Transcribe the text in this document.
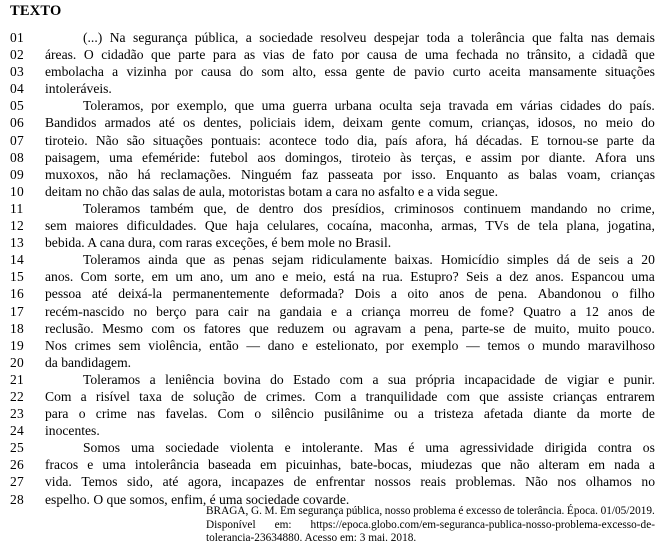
TEXTO
01	(...) Na segurança pública, a sociedade resolveu despejar toda a tolerância que falta nas demais
02	áreas. O cidadão que parte para as vias de fato por causa de uma fechada no trânsito, a cidadã que
03	embolacha a vizinha por causa do som alto, essa gente de pavio curto aceita mansamente situações
04	intoleráveis.
05	Toleramos, por exemplo, que uma guerra urbana oculta seja travada em várias cidades do país.
06	Bandidos armados até os dentes, policiais idem, deixam gente comum, crianças, idosos, no meio do
07	tiroteio. Não são situações pontuais: acontece todo dia, país afora, há décadas. E tornou-se parte da
08	paisagem, uma efeméride: futebol aos domingos, tiroteio às terças, e assim por diante. Afora uns
09	muxoxos, não há reclamações. Ninguém faz passeata por isso. Enquanto as balas voam, crianças
10	deitam no chão das salas de aula, motoristas botam a cara no asfalto e a vida segue.
11	Toleramos também que, de dentro dos presídios, criminosos continuem mandando no crime,
12	sem maiores dificuldades. Que haja celulares, cocaína, maconha, armas, TVs de tela plana, jogatina,
13	bebida. A cana dura, com raras exceções, é bem mole no Brasil.
14	Toleramos ainda que as penas sejam ridiculamente baixas. Homicídio simples dá de seis a 20
15	anos. Com sorte, em um ano, um ano e meio, está na rua. Estupro? Seis a dez anos. Espancou uma
16	pessoa até deixá-la permanentemente deformada? Dois a oito anos de pena. Abandonou o filho
17	recém-nascido no berço para cair na gandaia e a criança morreu de fome? Quatro a 12 anos de
18	reclusão. Mesmo com os fatores que reduzem ou agravam a pena, parte-se de muito, muito pouco.
19	Nos crimes sem violência, então — dano e estelionato, por exemplo — temos o mundo maravilhoso
20	da bandidagem.
21	Toleramos a leniência bovina do Estado com a sua própria incapacidade de vigiar e punir.
22	Com a risível taxa de solução de crimes. Com a tranquilidade com que assiste crianças entrarem
23	para o crime nas favelas. Com o silêncio pusilânime ou a tristeza afetada diante da morte de
24	inocentes.
25	Somos uma sociedade violenta e intolerante. Mas é uma agressividade dirigida contra os
26	fracos e uma intolerância baseada em picuinhas, bate-bocas, miudezas que não alteram em nada a
27	vida. Temos sido, até agora, incapazes de enfrentar nossos reais problemas. Não nos olhamos no
28	espelho. O que somos, enfim, é uma sociedade covarde.
BRAGA, G. M. Em segurança pública, nosso problema é excesso de tolerância. Época. 01/05/2019.
Disponível em: https://epoca.globo.com/em-seguranca-publica-nosso-problema-excesso-de-
tolerancia-23634880. Acesso em: 3 mai. 2018.
